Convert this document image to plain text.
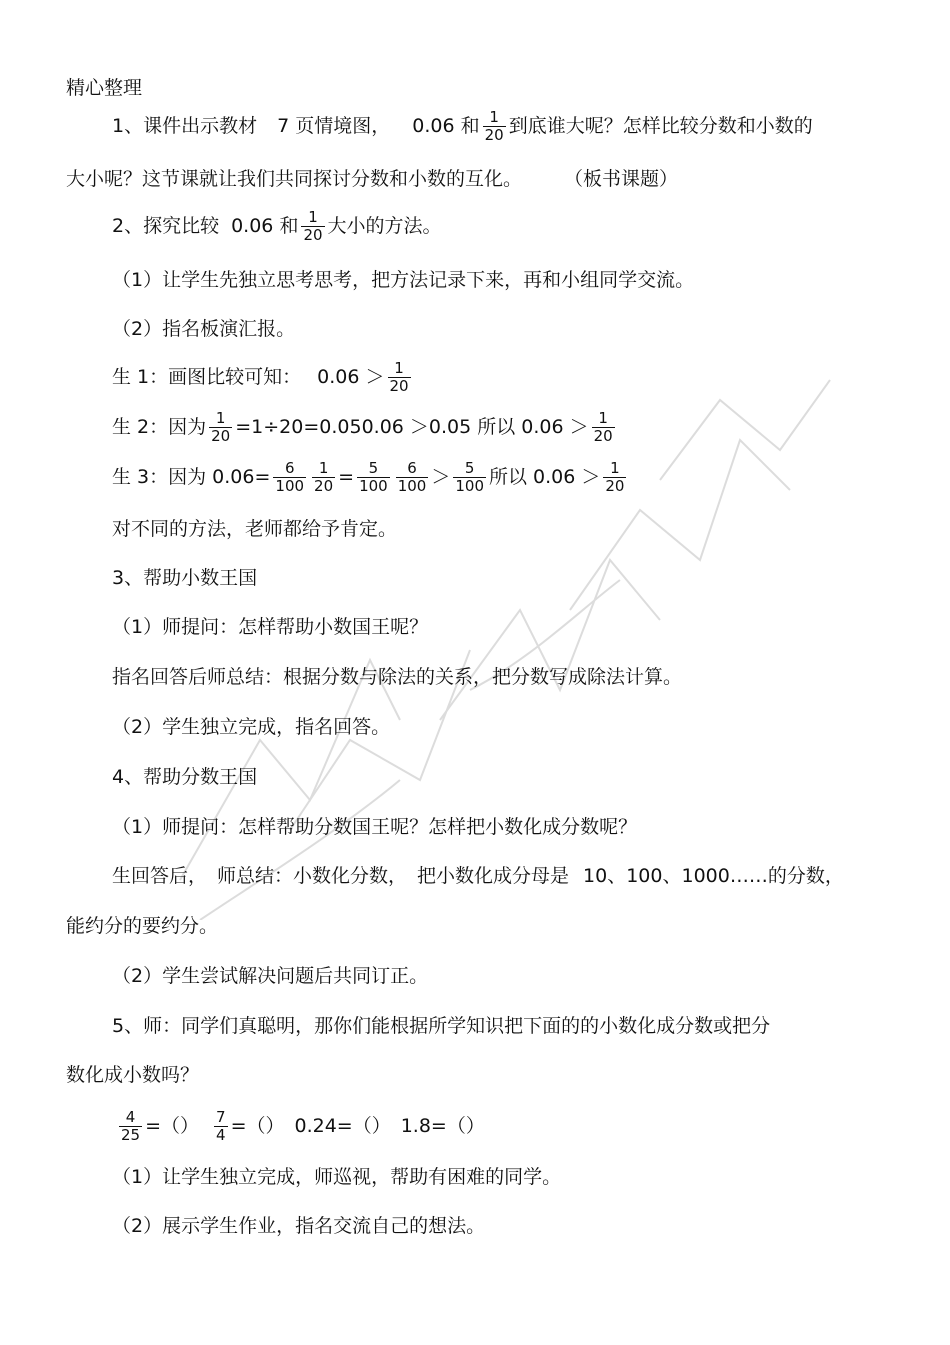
精心整理
1、课件出示教材 7 页情境图， 0.06 和 $\frac{1}{20}$ 到底谁大呢？怎样比较分数和小数的
大小呢？这节课就让我们共同探讨分数和小数的互化。 （板书课题）
2、探究比较 0.06 和 $\frac{1}{20}$ 大小的方法。
（1）让学生先独立思考思考，把方法记录下来，再和小组同学交流。
（2）指名板演汇报。
生 1：画图比较可知： $0.06 > \frac{1}{20}$
生 2：因为 $\frac{1}{20} =1\div 20=0.050.06 >0.05$ 所以 $0.06 > \frac{1}{20}$
生 3：因为 $0.06= \frac{6}{100} \frac{1}{20} = \frac{5}{100} \frac{6}{100} > \frac{5}{100}$ 所以 $0.06 > \frac{1}{20}$
对不同的方法，老师都给予肯定。
3、帮助小数王国
（1）师提问：怎样帮助小数国王呢？
指名回答后师总结：根据分数与除法的关系，把分数写成除法计算。
（2）学生独立完成，指名回答。
4、帮助分数王国
（1）师提问：怎样帮助分数国王呢？怎样把小数化成分数呢？
生回答后， 师总结：小数化分数， 把小数化成分母是 10、100、1000……的分数，
能约分的要约分。
（2）学生尝试解决问题后共同订正。
5、师：同学们真聪明，那你们能根据所学知识把下面的的小数化成分数或把分
数化成小数吗？
$\frac{4}{25}$ =（） $\frac{7}{4}$ =（） 0.24=（） 1.8=（）
（1）让学生独立完成，师巡视，帮助有困难的同学。
（2）展示学生作业，指名交流自己的想法。
